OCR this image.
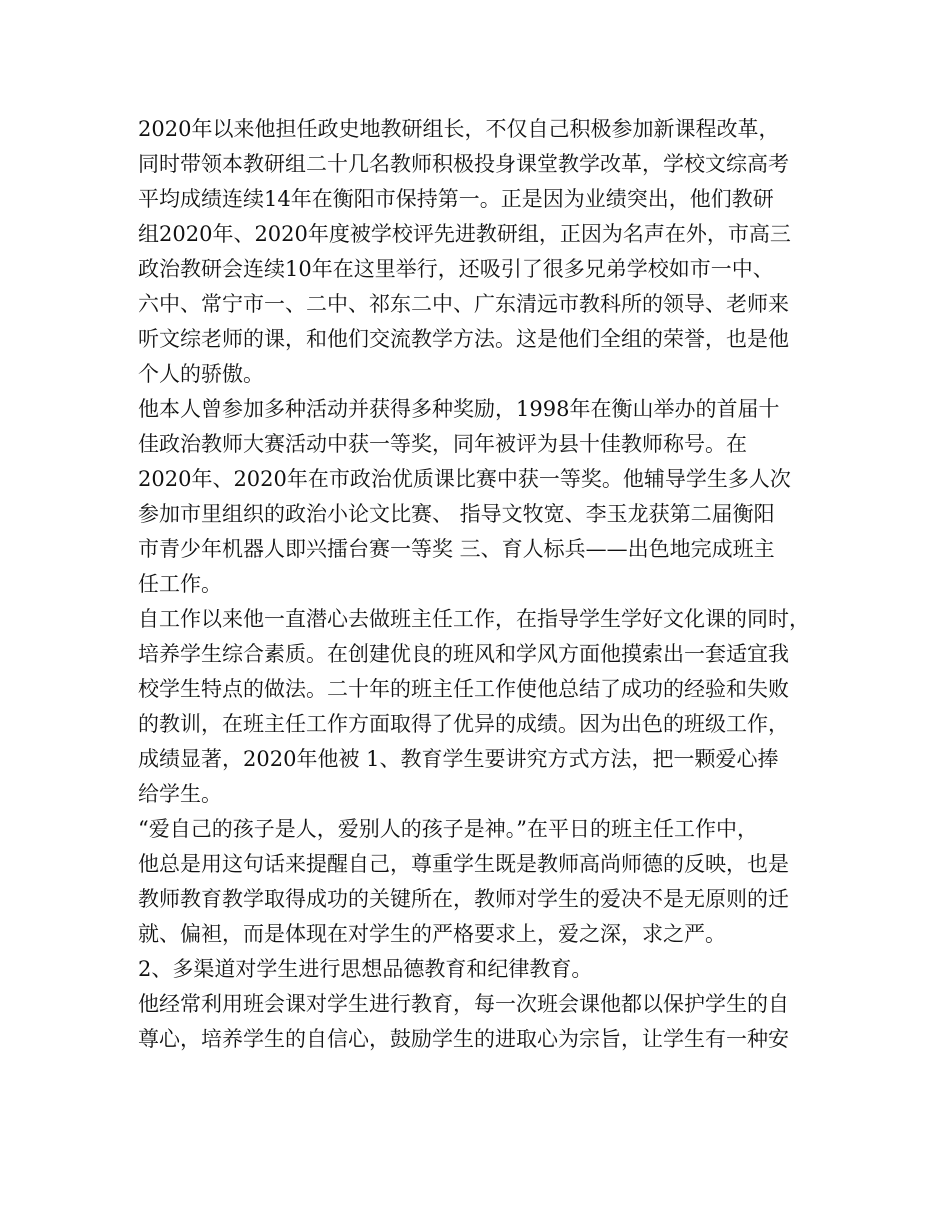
2020年以来他担任政史地教研组长，不仅自己积极参加新课程改革，
同时带领本教研组二十几名教师积极投身课堂教学改革，学校文综高考
平均成绩连续14年在衡阳市保持第一。正是因为业绩突出，他们教研
组2020年、2020年度被学校评先进教研组，正因为名声在外，市高三
政治教研会连续10年在这里举行，还吸引了很多兄弟学校如市一中、
六中、常宁市一、二中、祁东二中、广东清远市教科所的领导、老师来
听文综老师的课，和他们交流教学方法。这是他们全组的荣誉，也是他
个人的骄傲。
他本人曾参加多种活动并获得多种奖励，1998年在衡山举办的首届十
佳政治教师大赛活动中获一等奖，同年被评为县十佳教师称号。在
2020年、2020年在市政治优质课比赛中获一等奖。他辅导学生多人次
参加市里组织的政治小论文比赛、 指导文牧宽、李玉龙获第二届衡阳
市青少年机器人即兴擂台赛一等奖 三、育人标兵——出色地完成班主
任工作。
自工作以来他一直潜心去做班主任工作，在指导学生学好文化课的同时，
培养学生综合素质。在创建优良的班风和学风方面他摸索出一套适宜我
校学生特点的做法。二十年的班主任工作使他总结了成功的经验和失败
的教训，在班主任工作方面取得了优异的成绩。因为出色的班级工作，
成绩显著，2020年他被 1、教育学生要讲究方式方法，把一颗爱心捧
给学生。
“爱自己的孩子是人，爱别人的孩子是神。”在平日的班主任工作中，
他总是用这句话来提醒自己，尊重学生既是教师高尚师德的反映，也是
教师教育教学取得成功的关键所在，教师对学生的爱决不是无原则的迁
就、偏袒，而是体现在对学生的严格要求上，爱之深，求之严。
2、多渠道对学生进行思想品德教育和纪律教育。
他经常利用班会课对学生进行教育，每一次班会课他都以保护学生的自
尊心，培养学生的自信心，鼓励学生的进取心为宗旨，让学生有一种安
